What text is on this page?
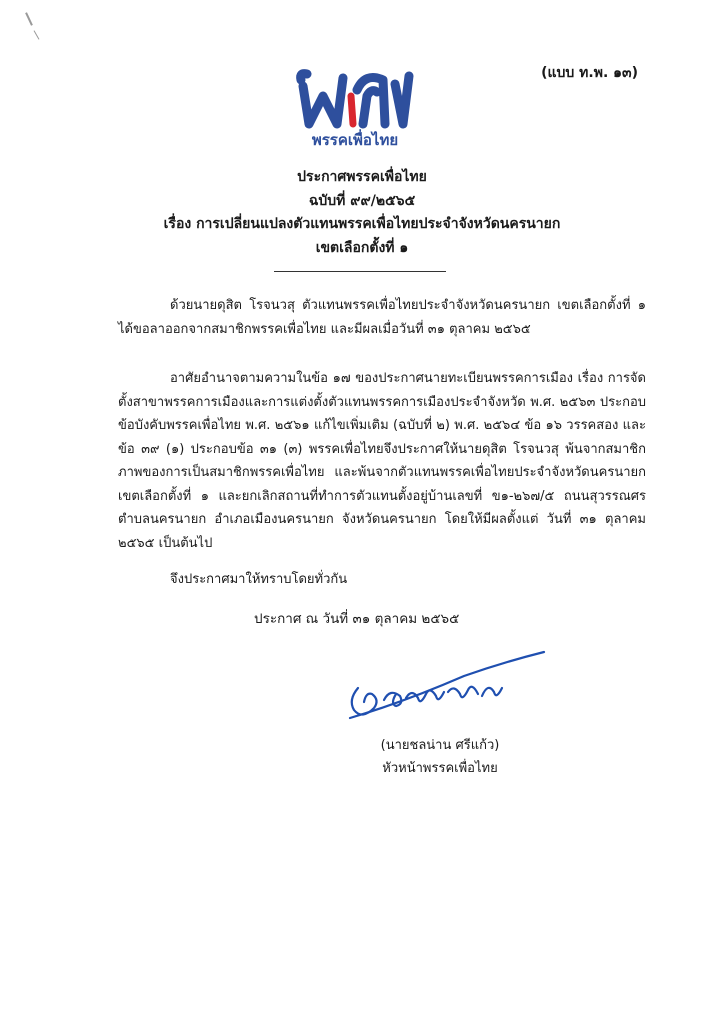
(แบบ ท.พ. ๑๓)
พรรคเพื่อไทย
ประกาศพรรคเพื่อไทย
ฉบับที่ ๙๙/๒๕๖๕
เรื่อง การเปลี่ยนแปลงตัวแทนพรรคเพื่อไทยประจำจังหวัดนครนายก
เขตเลือกตั้งที่ ๑
ด้วยนายดุสิต โรจนวสุ ตัวแทนพรรคเพื่อไทยประจำจังหวัดนครนายก เขตเลือกตั้งที่ ๑ ได้ขอลาออกจากสมาชิกพรรคเพื่อไทย และมีผลเมื่อวันที่ ๓๑ ตุลาคม ๒๕๖๕
อาศัยอำนาจตามความในข้อ ๑๗ ของประกาศนายทะเบียนพรรคการเมือง เรื่อง การจัดตั้งสาขาพรรคการเมืองและการแต่งตั้งตัวแทนพรรคการเมืองประจำจังหวัด พ.ศ. ๒๕๖๓ ประกอบข้อบังคับพรรคเพื่อไทย พ.ศ. ๒๕๖๑ แก้ไขเพิ่มเติม (ฉบับที่ ๒) พ.ศ. ๒๕๖๔ ข้อ ๑๖ วรรคสอง และข้อ ๓๙ (๑) ประกอบข้อ ๓๑ (๓) พรรคเพื่อไทยจึงประกาศให้นายดุสิต โรจนวสุ พ้นจากสมาชิกภาพของการเป็นสมาชิกพรรคเพื่อไทย และพ้นจากตัวแทนพรรคเพื่อไทยประจำจังหวัดนครนายก เขตเลือกตั้งที่ ๑ และยกเลิกสถานที่ทำการตัวแทนตั้งอยู่บ้านเลขที่ ข๑-๒๖๗/๕ ถนนสุวรรณศร ตำบลนครนายก อำเภอเมืองนครนายก จังหวัดนครนายก โดยให้มีผลตั้งแต่ วันที่ ๓๑ ตุลาคม ๒๕๖๕ เป็นต้นไป
จึงประกาศมาให้ทราบโดยทั่วกัน
ประกาศ ณ วันที่ ๓๑ ตุลาคม ๒๕๖๕
(นายชลน่าน ศรีแก้ว)
หัวหน้าพรรคเพื่อไทย
